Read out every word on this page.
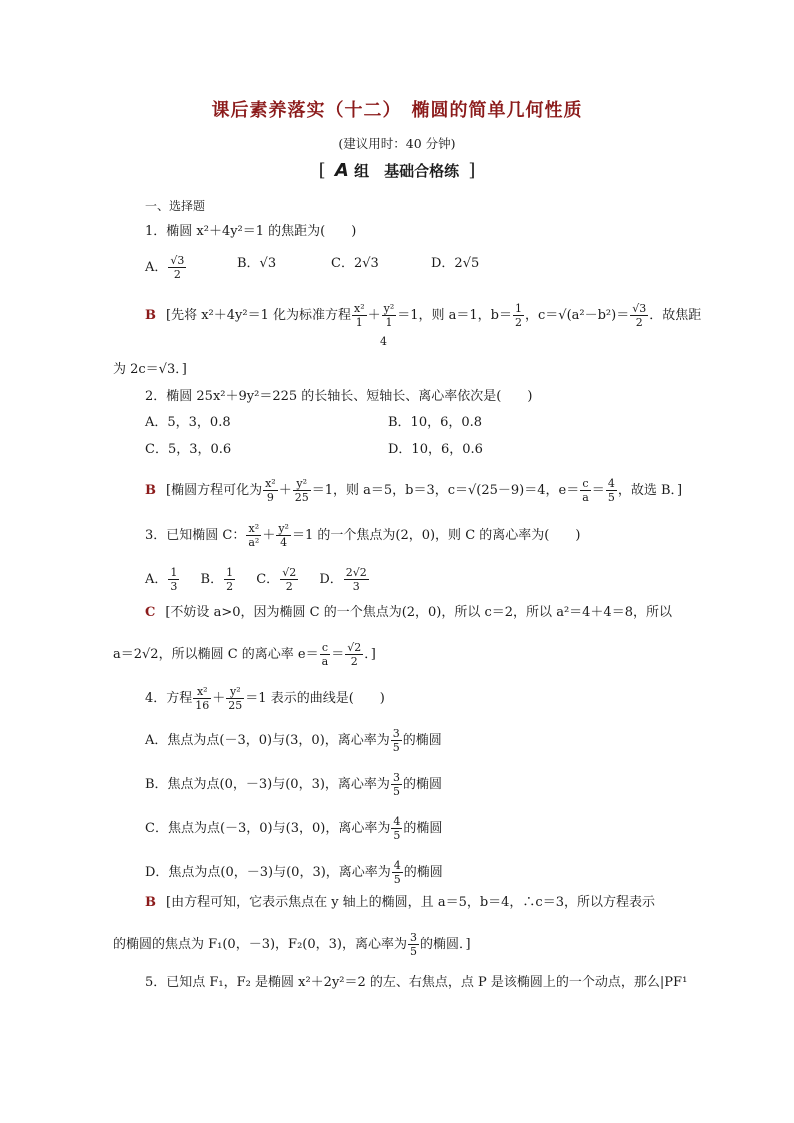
课后素养落实（十二）　椭圆的简单几何性质
(建议用时：40 分钟)
[ A 组　基础合格练 ]
一、选择题
1．椭圆 x²＋4y²＝1 的焦距为(　　)
A． $\frac{√3}{2}$	B．√3	C．2√3	D．2√5
B [先将 x²＋4y²＝1 化为标准方程 $\frac{\text{x²}}{1} + \frac{\text{y²}}{1} =1$，则 a＝1，$b= \frac{1}{2}$ ，$c=√(a^2-b^2)= \frac{√3}{2}$ ．故焦距
4
为 2c＝√3．]
2．椭圆 25x²＋9y²＝225 的长轴长、短轴长、离心率依次是(　　)
A．5，3，0.8	B．10，6，0.8
C．5，3，0.6	D．10，6，0.6
B [椭圆方程可化为 $\frac{\text{x²}}{9} + \frac{\text{y²}}{25} =1$，则 a＝5，b＝3，c＝√(25－9)＝4，$e= \frac{c}{a} = \frac{4}{5}$ ，故选 B．]
3．已知椭圆 C： $\frac{\text{x²}}{\text{a²}} + \frac{\text{y²}}{4} =1$ 的一个焦点为(2，0)，则 C 的离心率为(　　)
A． $\frac{1}{3}$ B． $\frac{1}{2}$ C． $\frac{√2}{2}$ D． $\frac{2√2}{3}$
C [不妨设 a>0，因为椭圆 C 的一个焦点为(2，0)，所以 c＝2，所以 a²＝4＋4＝8，所以
a＝2√2，所以椭圆 C 的离心率 $e= \frac{c}{a} = \frac{√2}{2}$ ．]
4．方程 $\frac{\text{x²}}{16} + \frac{\text{y²}}{25} =1$ 表示的曲线是(　　)
A．焦点为点(－3，0)与(3，0)，离心率为 $\frac{3}{5}$ 的椭圆
B．焦点为点(0，－3)与(0，3)，离心率为 $\frac{3}{5}$ 的椭圆
C．焦点为点(－3，0)与(3，0)，离心率为 $\frac{4}{5}$ 的椭圆
D．焦点为点(0，－3)与(0，3)，离心率为 $\frac{4}{5}$ 的椭圆
B [由方程可知，它表示焦点在 y 轴上的椭圆，且 a＝5，b＝4，∴c＝3，所以方程表示
的椭圆的焦点为 F₁(0，－3)，F₂(0，3)，离心率为 $\frac{3}{5}$ 的椭圆．]
5．已知点 F₁，F₂ 是椭圆 x²＋2y²＝2 的左、右焦点，点 P 是该椭圆上的一个动点，那么|PF¹
